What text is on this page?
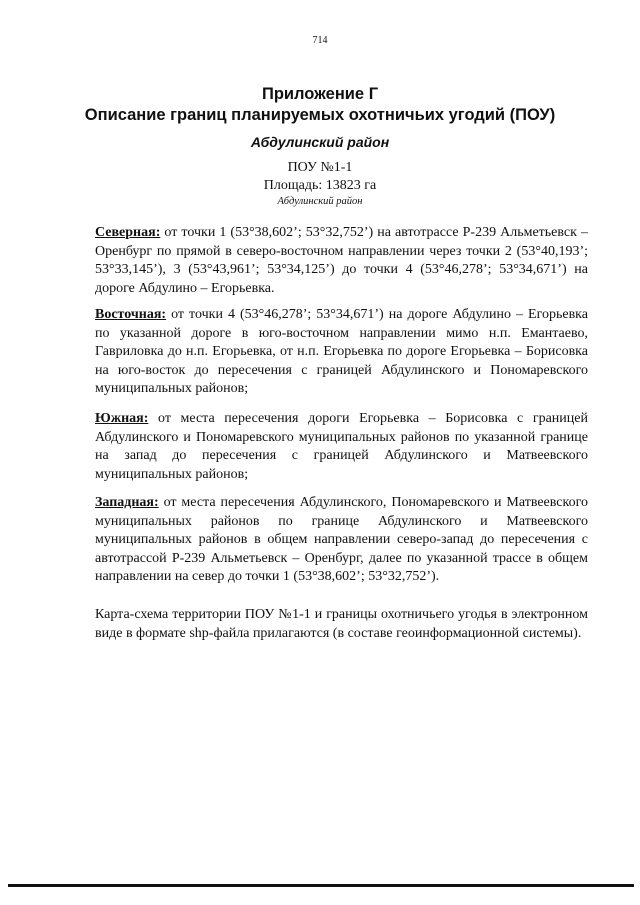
714
Приложение Г
Описание границ планируемых охотничьих угодий (ПОУ)
Абдулинский район
ПОУ №1-1
Площадь: 13823 га
Абдулинский район

Северная: от точки 1 (53°38,602’; 53°32,752’) на автотрассе Р-239 Альметьевск – Оренбург по прямой в северо-восточном направлении через точки 2 (53°40,193’; 53°33,145’), 3 (53°43,961’; 53°34,125’) до точки 4 (53°46,278’; 53°34,671’) на дороге Абдулино – Егорьевка.

Восточная: от точки 4 (53°46,278’; 53°34,671’) на дороге Абдулино – Егорьевка по указанной дороге в юго-восточном направлении мимо н.п. Емантаево, Гавриловка до н.п. Егорьевка, от н.п. Егорьевка по дороге Егорьевка – Борисовка на юго-восток до пересечения с границей Абдулинского и Пономаревского муниципальных районов;

Южная: от места пересечения дороги Егорьевка – Борисовка с границей Абдулинского и Пономаревского муниципальных районов по указанной границе на запад до пересечения с границей Абдулинского и Матвеевского муниципальных районов;

Западная: от места пересечения Абдулинского, Пономаревского и Матвеевского муниципальных районов по границе Абдулинского и Матвеевского муниципальных районов в общем направлении северо-запад до пересечения с автотрассой Р-239 Альметьевск – Оренбург, далее по указанной трассе в общем направлении на север до точки 1 (53°38,602’; 53°32,752’).

Карта-схема территории ПОУ №1-1 и границы охотничьего угодья в электронном виде в формате shp-файла прилагаются (в составе геоинформационной системы).
